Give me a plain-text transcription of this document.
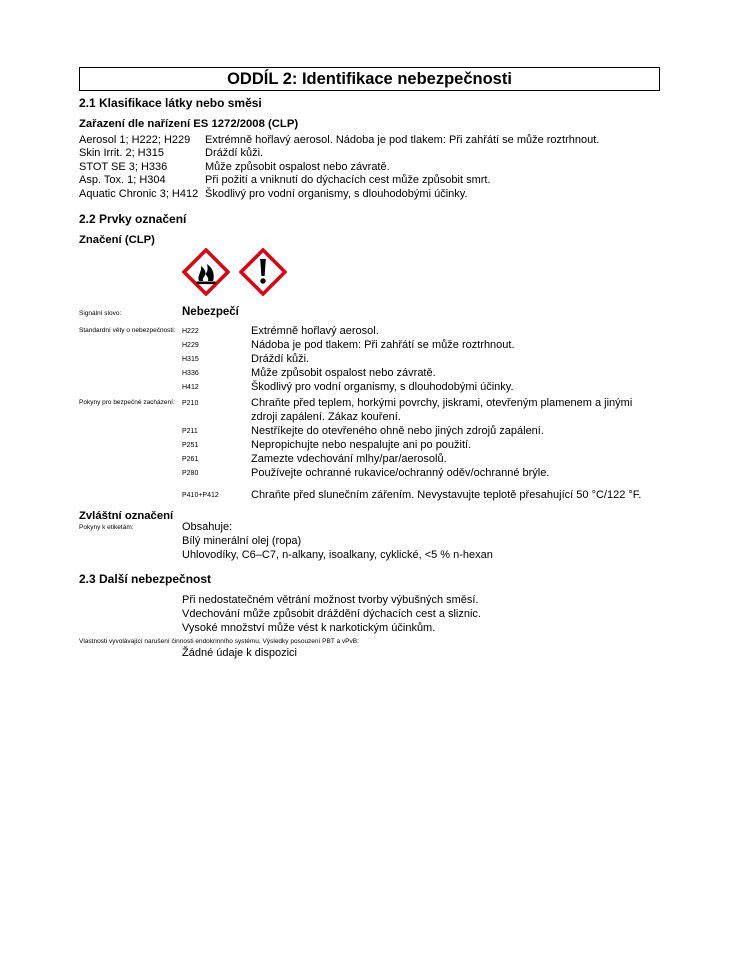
ODDÍL 2: Identifikace nebezpečnosti
2.1 Klasifikace látky nebo směsi
Zařazení dle nařízení ES 1272/2008 (CLP)
Aerosol 1; H222; H229	Extrémně hořlavý aerosol. Nádoba je pod tlakem: Při zahřátí se může roztrhnout.
Skin Irrit. 2; H315	Dráždí kůži.
STOT SE 3; H336	Může způsobit ospalost nebo závratě.
Asp. Tox. 1; H304	Při požití a vniknutí do dýchacích cest může způsobit smrt.
Aquatic Chronic 3; H412 Škodlivý pro vodní organismy, s dlouhodobými účinky.
2.2 Prvky označení
Značení (CLP)
Signální slovo:	Nebezpečí
Standardní věty o nebezpečnosti: H222	Extrémně hořlavý aerosol.
H229	Nádoba je pod tlakem: Při zahřátí se může roztrhnout.
H315	Dráždí kůži.
H336	Může způsobit ospalost nebo závratě.
H412	Škodlivý pro vodní organismy, s dlouhodobými účinky.
Pokyny pro bezpečné zacházení: P210	Chraňte před teplem, horkými povrchy, jiskrami, otevřeným plamenem a jinými zdroji zapálení. Zákaz kouření.
P211	Nestříkejte do otevřeného ohně nebo jiných zdrojů zapálení.
P251	Nepropichujte nebo nespalujte ani po použití.
P261	Zamezte vdechování mlhy/par/aerosolů.
P280	Používejte ochranné rukavice/ochranný oděv/ochranné brýle.
P410+P412	Chraňte před slunečním zářením. Nevystavujte teplotě přesahující 50 °C/122 °F.
Zvláštní označení
Pokyny k etiketám:	Obsahuje:
Bílý minerální olej (ropa)
Uhlovodíky, C6–C7, n-alkany, isoalkany, cyklické, <5 % n-hexan
2.3 Další nebezpečnost
Při nedostatečném větrání možnost tvorby výbušných směsí.
Vdechování může způsobit dráždění dýchacích cest a sliznic.
Vysoké množství může vést k narkotickým účinkům.
Vlastnosti vyvolávající narušení činnosti endokrinního systému, Výsledky posouzení PBT a vPvB:
Žádné údaje k dispozici
